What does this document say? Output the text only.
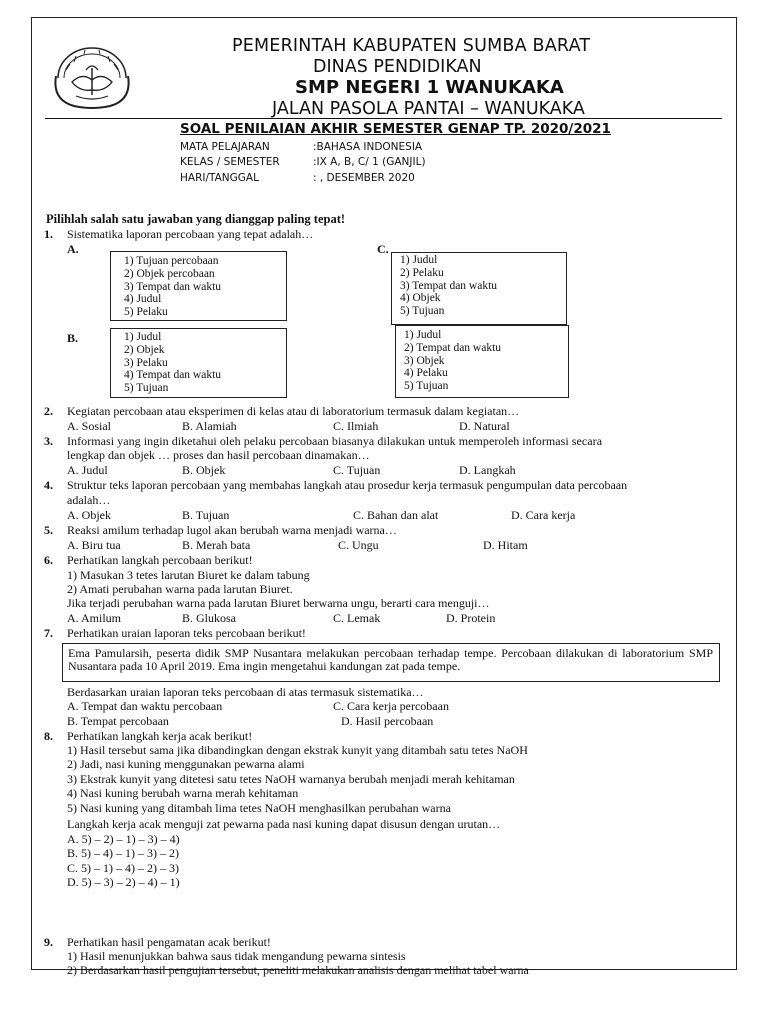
PEMERINTAH KABUPATEN SUMBA BARAT
DINAS PENDIDIKAN
SMP NEGERI 1 WANUKAKA
JALAN PASOLA PANTAI – WANUKAKA
SOAL PENILAIAN AKHIR SEMESTER GENAP TP. 2020/2021
MATA PELAJARAN	:BAHASA INDONESIA
KELAS / SEMESTER	:IX A, B, C/ 1 (GANJIL)
HARI/TANGGAL	: , DESEMBER 2020
Pilihlah salah satu jawaban yang dianggap paling tepat!
1. Sistematika laporan percobaan yang tepat adalah…
A.
1) Tujuan percobaan
2) Objek percobaan
3) Tempat dan waktu
4) Judul
5) Pelaku
C.
1) Judul
2) Pelaku
3) Tempat dan waktu
4) Objek
5) Tujuan
B.	1) Judul
2) Objek
3) Pelaku
4) Tempat dan waktu
5) Tujuan
1) Judul
2) Tempat dan waktu
3) Objek
4) Pelaku
5) Tujuan
2. Kegiatan percobaan atau eksperimen di kelas atau di laboratorium termasuk dalam kegiatan…
A. Sosial	B. Alamiah	C. Ilmiah	D. Natural
3. Informasi yang ingin diketahui oleh pelaku percobaan biasanya dilakukan untuk memperoleh informasi secara
lengkap dan objek … proses dan hasil percobaan dinamakan…
A. Judul	B. Objek	C. Tujuan	D. Langkah
4. Struktur teks laporan percobaan yang membahas langkah atau prosedur kerja termasuk pengumpulan data percobaan
adalah…
A. Objek	B. Tujuan	C. Bahan dan alat	D. Cara kerja
5. Reaksi amilum terhadap lugol akan berubah warna menjadi warna…
A. Biru tua	B. Merah bata	C. Ungu	D. Hitam
6. Perhatikan langkah percobaan berikut!
1) Masukan 3 tetes larutan Biuret ke dalam tabung
2) Amati perubahan warna pada larutan Biuret.
Jika terjadi perubahan warna pada larutan Biuret berwarna ungu, berarti cara menguji…
A. Amilum	B. Glukosa	C. Lemak	D. Protein
7. Perhatikan uraian laporan teks percobaan berikut!
Ema Pamularsih, peserta didik SMP Nusantara melakukan percobaan terhadap tempe. Percobaan dilakukan di laboratorium SMP Nusantara pada 10 April 2019. Ema ingin mengetahui kandungan zat pada tempe.
Berdasarkan uraian laporan teks percobaan di atas termasuk sistematika…
A. Tempat dan waktu percobaan	C. Cara kerja percobaan
B. Tempat percobaan	D. Hasil percobaan
8. Perhatikan langkah kerja acak berikut!
1) Hasil tersebut sama jika dibandingkan dengan ekstrak kunyit yang ditambah satu tetes NaOH
2) Jadi, nasi kuning menggunakan pewarna alami
3) Ekstrak kunyit yang ditetesi satu tetes NaOH warnanya berubah menjadi merah kehitaman
4) Nasi kuning berubah warna merah kehitaman
5) Nasi kuning yang ditambah lima tetes NaOH menghasilkan perubahan warna
Langkah kerja acak menguji zat pewarna pada nasi kuning dapat disusun dengan urutan…
A. 5) – 2) – 1) – 3) – 4)
B. 5) – 4) – 1) – 3) – 2)
C. 5) – 1) – 4) – 2) – 3)
D. 5) – 3) – 2) – 4) – 1)
9. Perhatikan hasil pengamatan acak berikut!
1) Hasil menunjukkan bahwa saus tidak mengandung pewarna sintesis
2) Berdasarkan hasil pengujian tersebut, peneliti melakukan analisis dengan melihat tabel warna
